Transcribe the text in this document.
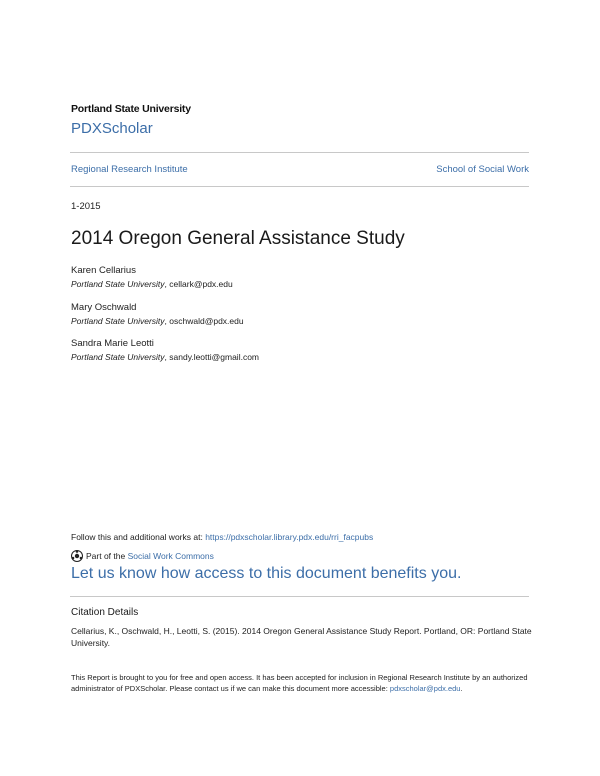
Portland State University
PDXScholar
Regional Research Institute	School of Social Work
1-2015
2014 Oregon General Assistance Study
Karen Cellarius
Portland State University, cellark@pdx.edu
Mary Oschwald
Portland State University, oschwald@pdx.edu
Sandra Marie Leotti
Portland State University, sandy.leotti@gmail.com
Follow this and additional works at: https://pdxscholar.library.pdx.edu/rri_facpubs
Part of the
Social Work Commons
Let us know how access to this document benefits you.
Citation Details
Cellarius, K., Oschwald, H., Leotti, S. (2015). 2014 Oregon General Assistance Study Report. Portland, OR: Portland State University.
This Report is brought to you for free and open access. It has been accepted for inclusion in Regional Research Institute by an authorized administrator of PDXScholar. Please contact us if we can make this document more accessible: pdxscholar@pdx.edu.
